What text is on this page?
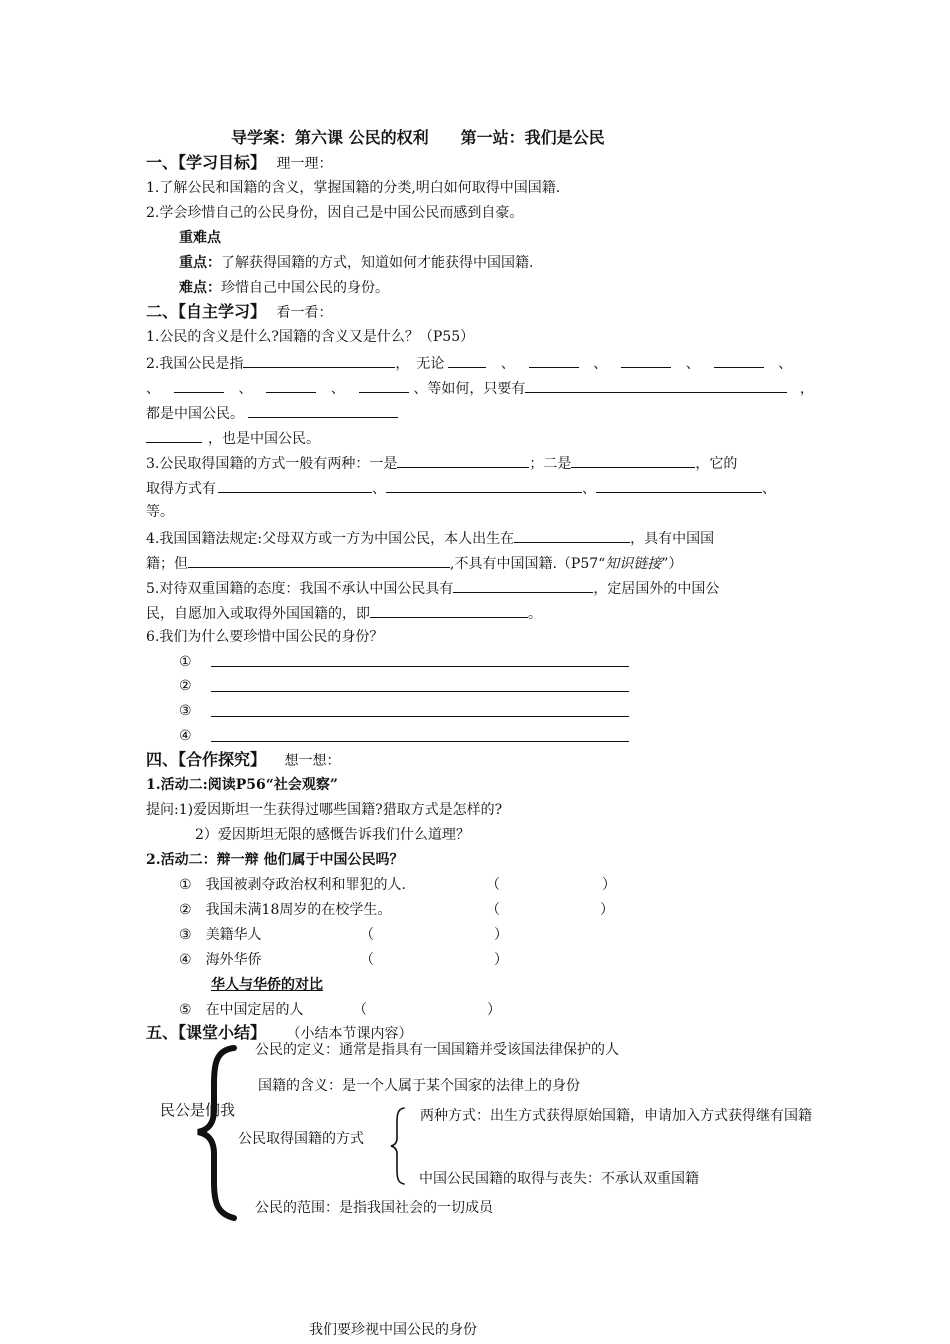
导学案：第六课 公民的权利　　第一站：我们是公民
一、【学习目标】 理一理：
1.了解公民和国籍的含义，掌握国籍的分类,明白如何取得中国国籍.
2.学会珍惜自己的公民身份，因自己是中国公民而感到自豪。
重难点
重点：了解获得国籍的方式，知道如何才能获得中国国籍.
难点：珍惜自己中国公民的身份。
二、【自主学习】 看一看：
1.公民的含义是什么?国籍的含义又是什么？（P55）
2.我国公民是指	，　无论	、	、	、	、
、	、	、	、等如何，只要有	，
都是中国公民。
，也是中国公民。
3.公民取得国籍的方式一般有两种：一是	；二是	，它的
取得方式有	、	、	、
等。
4.我国国籍法规定:父母双方或一方为中国公民，本人出生在	，具有中国国
籍；但	,不具有中国国籍.（P57“知识链接”）
5.对待双重国籍的态度：我国不承认中国公民具有	，定居国外的中国公
民，自愿加入或取得外国国籍的，即	。
6.我们为什么要珍惜中国公民的身份？
①
②
③
④
四、【合作探究】 想一想：
1.活动二:阅读P56“社会观察”
提问:1)爱因斯坦一生获得过哪些国籍?猎取方式是怎样的?
2）爱因斯坦无限的感慨告诉我们什么道理？
2.活动二：辩一辩 他们属于中国公民吗？
① 我国被剥夺政治权利和罪犯的人.	（	）
② 我国未满18周岁的在校学生。	（	）
③ 美籍华人	（	）
④ 海外华侨	（	）
华人与华侨的对比
⑤ 在中国定居的人	（	）
五、【课堂小结】 （小结本节课内容）
民公是们我
公民的定义：通常是指具有一国国籍并受该国法律保护的人
国籍的含义：是一个人属于某个国家的法律上的身份
公民取得国籍的方式
两种方式：出生方式获得原始国籍，申请加入方式获得继有国籍
中国公民国籍的取得与丧失：不承认双重国籍
公民的范围：是指我国社会的一切成员
我们要珍视中国公民的身份
